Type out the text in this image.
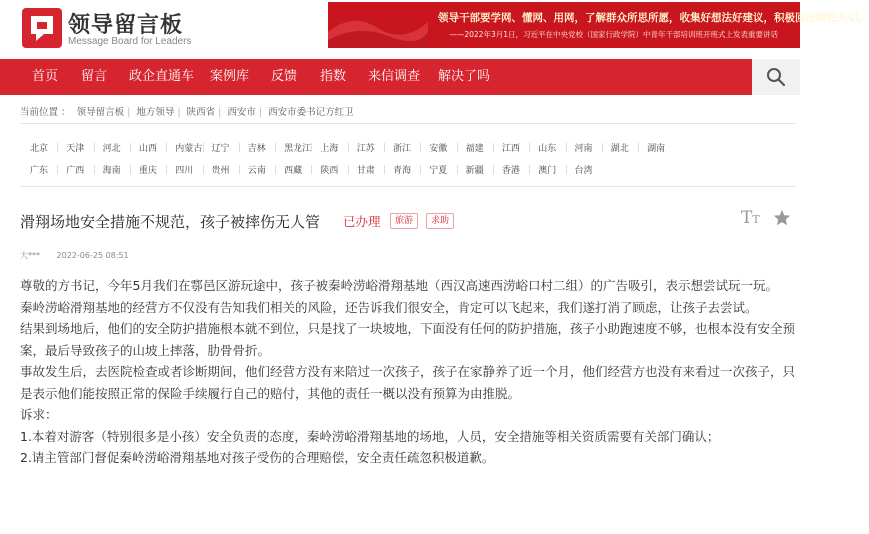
领导留言板
Message Board for Leaders
领导干部要学网、懂网、用网，了解群众所思所愿，收集好想法好建议，积极回应网民关切。
——2022年3月1日，习近平在中央党校（国家行政学院）中青年干部培训班开班式上发表重要讲话
首页 留言 政企直通车 案例库 反馈 指数 来信调查 解决了吗
当前位置 ： 领导留言板 | 地方领导 | 陕西省 | 西安市 | 西安市委书记方红卫
北京 天津 河北 山西 内蒙古 辽宁 吉林 黑龙江 上海 江苏 浙江 安徽 福建 江西 山东 河南 湖北 湖南
广东 广西 海南 重庆 四川 贵州 云南 西藏 陕西 甘肃 青海 宁夏 新疆 香港 澳门 台湾
滑翔场地安全措施不规范，孩子被摔伤无人管 已办理	旅游	求助	TT
大*** 2022-06-25 08:51

尊敬的方书记，今年5月我们在鄠邑区游玩途中，孩子被秦岭涝峪滑翔基地（西汉高速西涝峪口村二组）的广告吸引，表示想尝试玩一玩。

秦岭涝峪滑翔基地的经营方不仅没有告知我们相关的风险，还告诉我们很安全，肯定可以飞起来，我们遂打消了顾虑，让孩子去尝试。

结果到场地后，他们的安全防护措施根本就不到位，只是找了一块坡地，下面没有任何的防护措施，孩子小助跑速度不够，也根本没有安全预案，最后导致孩子的山坡上摔落，肋骨骨折。

事故发生后，去医院检查或者诊断期间，他们经营方没有来陪过一次孩子，孩子在家静养了近一个月，他们经营方也没有来看过一次孩子，只是表示他们能按照正常的保险手续履行自己的赔付，其他的责任一概以没有预算为由推脱。

诉求：

1.本着对游客（特别很多是小孩）安全负责的态度，秦岭涝峪滑翔基地的场地，人员，安全措施等相关资质需要有关部门确认；

2.请主管部门督促秦岭涝峪滑翔基地对孩子受伤的合理赔偿，安全责任疏忽积极道歉。
